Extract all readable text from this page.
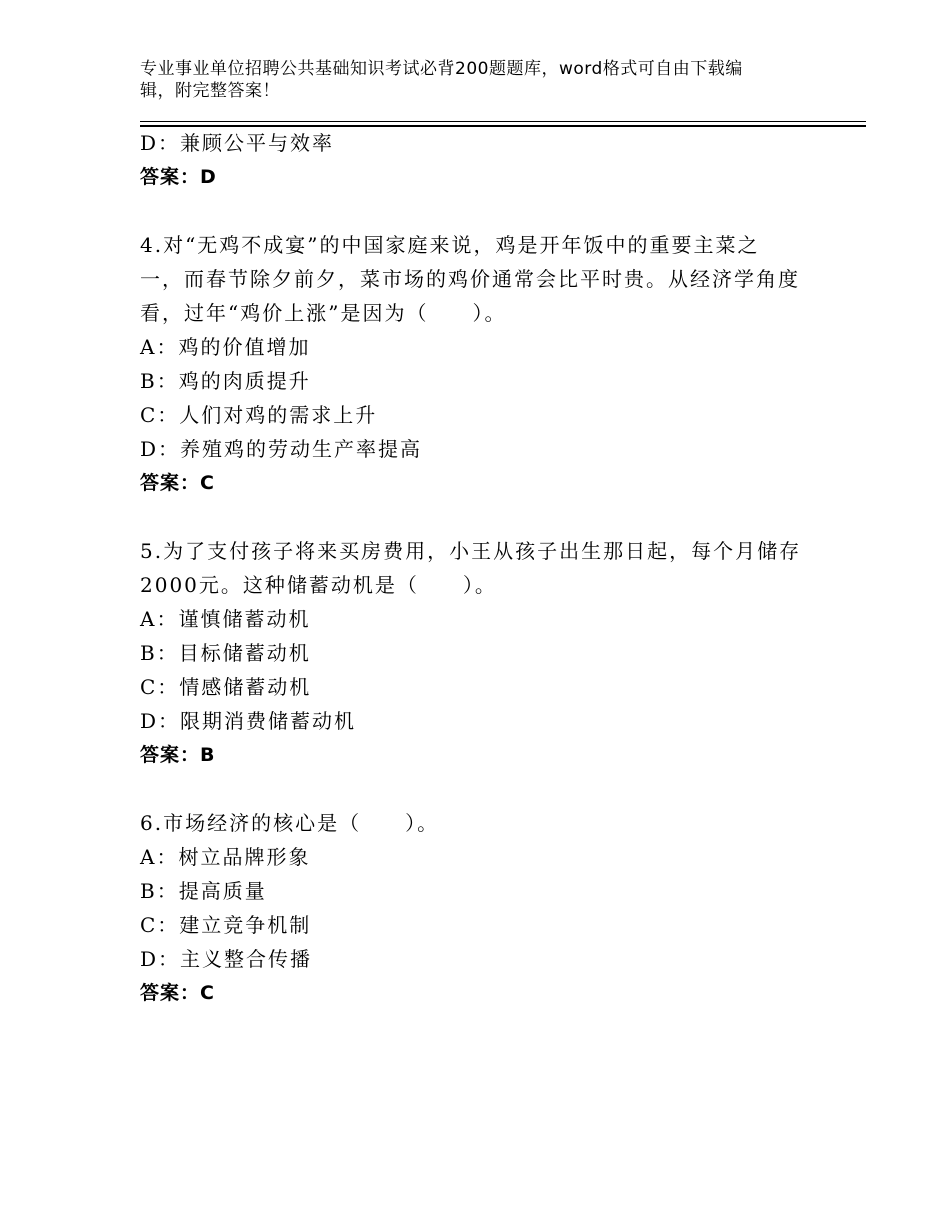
专业事业单位招聘公共基础知识考试必背200题题库，word格式可自由下载编
辑，附完整答案！
D：兼顾公平与效率
答案：D
4.对“无鸡不成宴”的中国家庭来说，鸡是开年饭中的重要主菜之
一，而春节除夕前夕，菜市场的鸡价通常会比平时贵。从经济学角度
看，过年“鸡价上涨”是因为（　　）。
A：鸡的价值增加
B：鸡的肉质提升
C：人们对鸡的需求上升
D：养殖鸡的劳动生产率提高
答案：C
5.为了支付孩子将来买房费用，小王从孩子出生那日起，每个月储存
2000元。这种储蓄动机是（　　）。
A：谨慎储蓄动机
B：目标储蓄动机
C：情感储蓄动机
D：限期消费储蓄动机
答案：B
6.市场经济的核心是（　　）。
A：树立品牌形象
B：提高质量
C：建立竞争机制
D：主义整合传播
答案：C
